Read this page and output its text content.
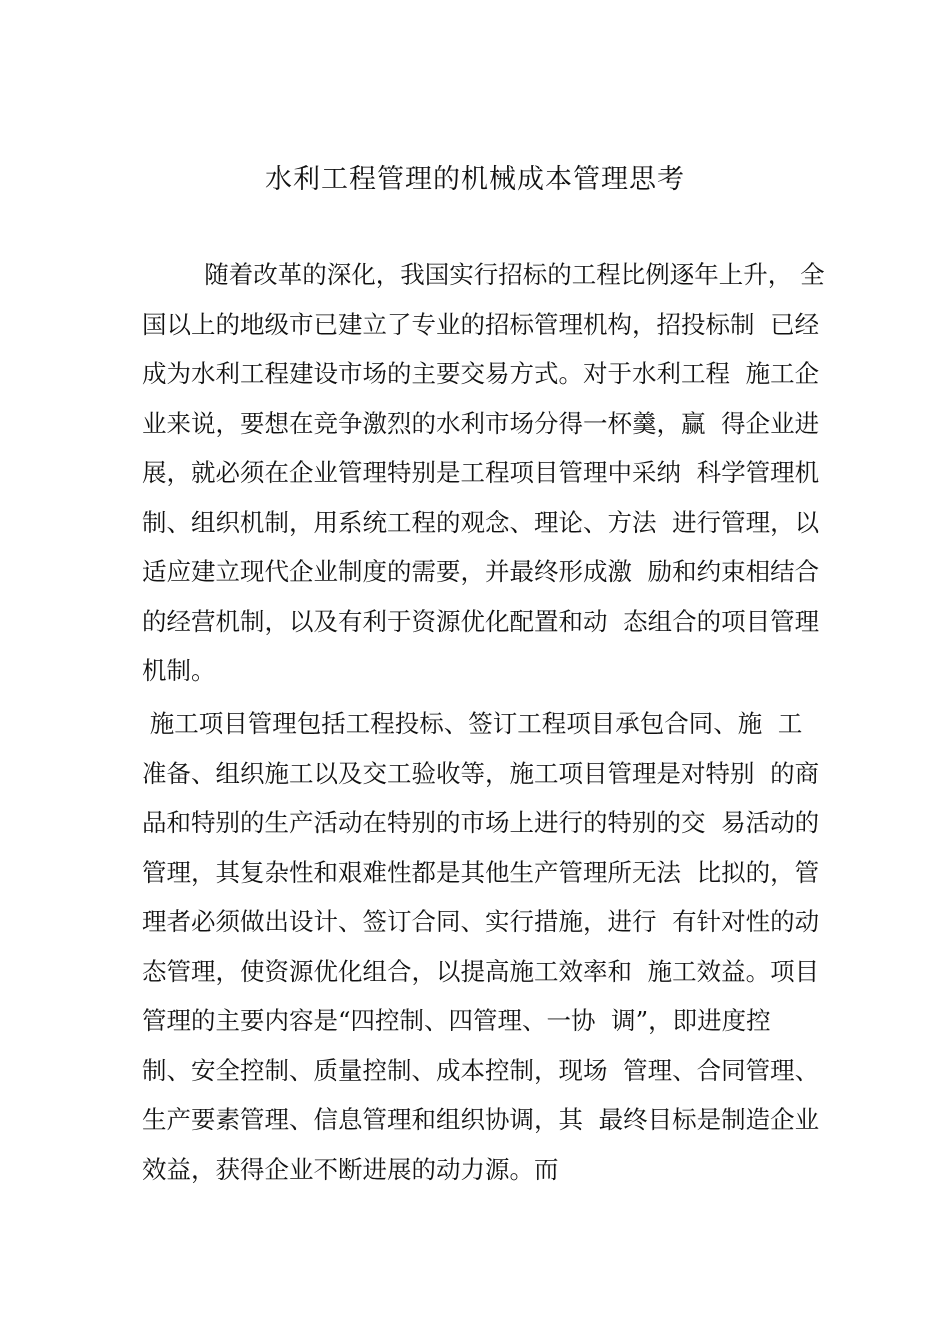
水利工程管理的机械成本管理思考
随着改革的深化，我国实行招标的工程比例逐年上升， 全
国以上的地级市已建立了专业的招标管理机构，招投标制  已经
成为水利工程建设市场的主要交易方式。对于水利工程  施工企
业来说，要想在竞争激烈的水利市场分得一杯羹，赢  得企业进
展，就必须在企业管理特别是工程项目管理中采纳  科学管理机
制、组织机制，用系统工程的观念、理论、方法  进行管理，以
适应建立现代企业制度的需要，并最终形成激  励和约束相结合
的经营机制，以及有利于资源优化配置和动  态组合的项目管理
机制。
施工项目管理包括工程投标、签订工程项目承包合同、施  工
准备、组织施工以及交工验收等，施工项目管理是对特别  的商
品和特别的生产活动在特别的市场上进行的特别的交  易活动的
管理，其复杂性和艰难性都是其他生产管理所无法  比拟的，管
理者必须做出设计、签订合同、实行措施，进行  有针对性的动
态管理，使资源优化组合，以提高施工效率和  施工效益。项目
管理的主要内容是“四控制、四管理、一协  调”，即进度控
制、安全控制、质量控制、成本控制，现场  管理、合同管理、
生产要素管理、信息管理和组织协调，其  最终目标是制造企业
效益，获得企业不断进展的动力源。而
